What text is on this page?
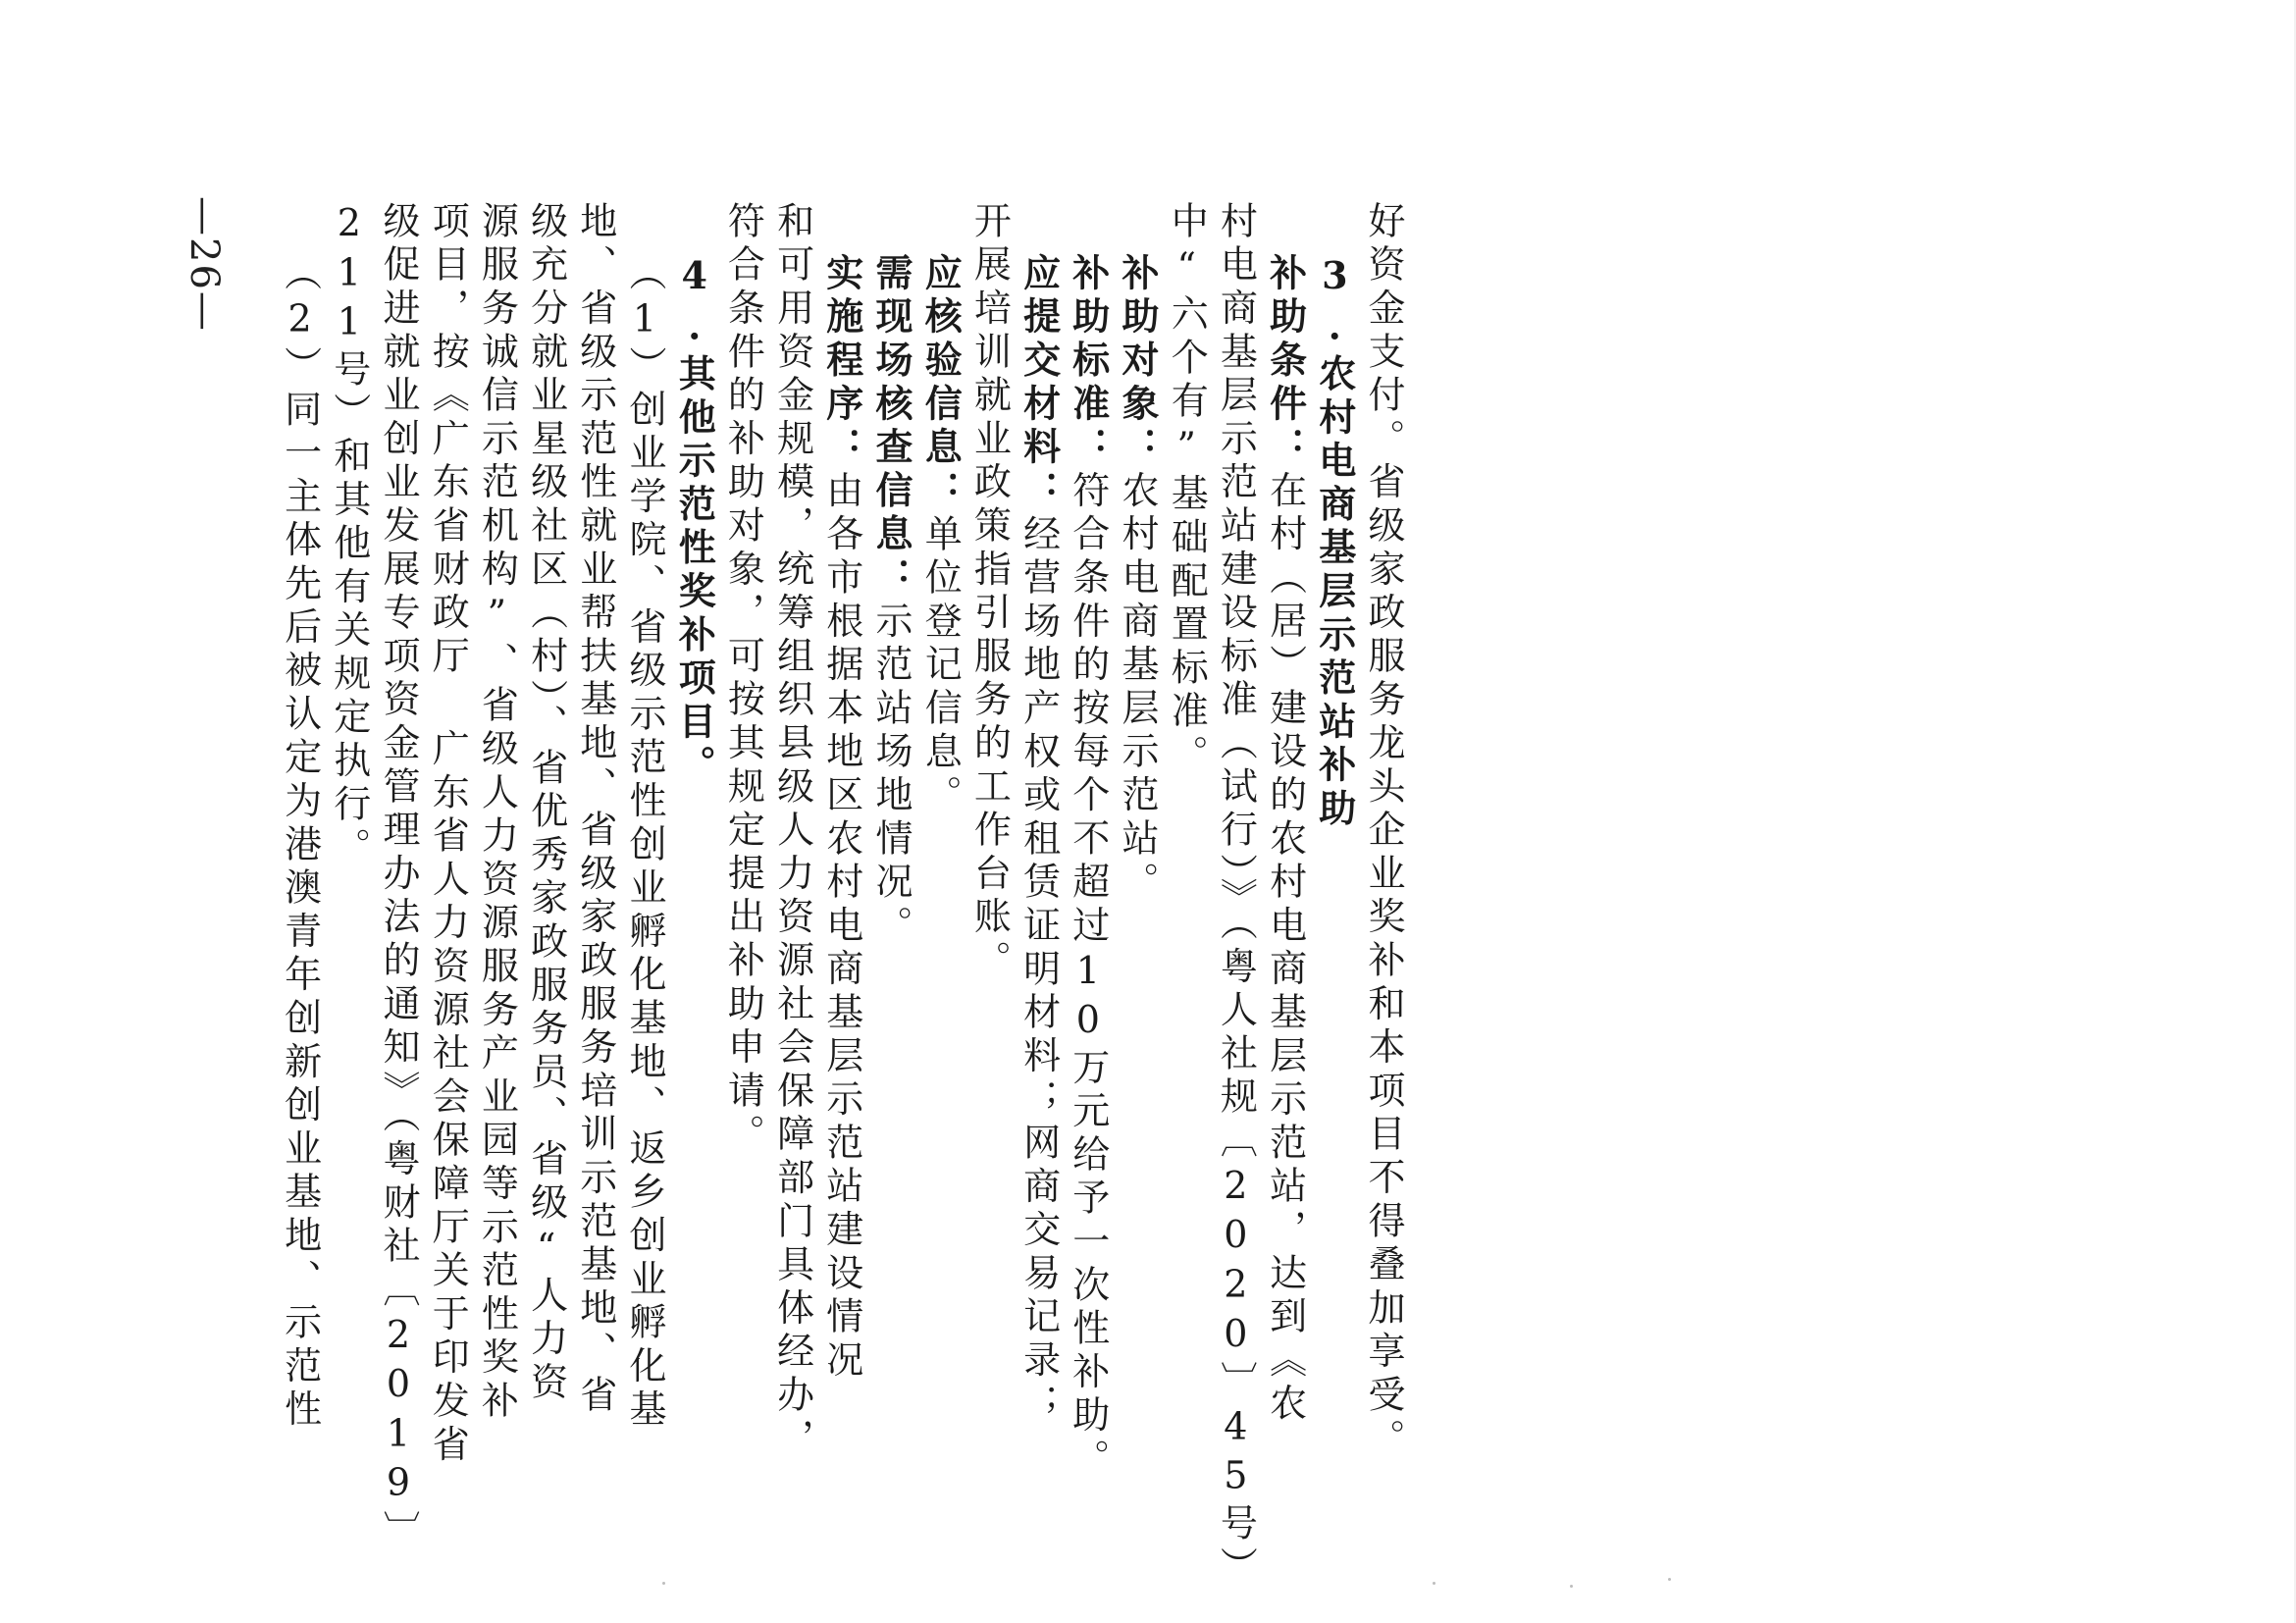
好资金支付。省级家政服务龙头企业奖补和本项目不得叠加享受。
3.农村电商基层示范站补助
补助条件：在村（居）建设的农村电商基层示范站，达到《农
村电商基层示范站建设标准（试行）》（粤人社规〔2020〕45号）
中“六个有”基础配置标准。
补助对象：农村电商基层示范站。
补助标准：符合条件的按每个不超过10万元给予一次性补助。
应提交材料：经营场地产权或租赁证明材料；网商交易记录；
开展培训就业政策指引服务的工作台账。
应核验信息：单位登记信息。
需现场核查信息：示范站场地情况。
实施程序：由各市根据本地区农村电商基层示范站建设情况
和可用资金规模，统筹组织县级人力资源社会保障部门具体经办，
符合条件的补助对象，可按其规定提出补助申请。
4.其他示范性奖补项目。
（1）创业学院、省级示范性创业孵化基地、返乡创业孵化基
地、省级示范性就业帮扶基地、省级家政服务培训示范基地、省
级充分就业星级社区（村）、省优秀家政服务员、省级“人力资
源服务诚信示范机构”、省级人力资源服务产业园等示范性奖补
项目，按《广东省财政厅 广东省人力资源社会保障厅关于印发省
级促进就业创业发展专项资金管理办法的通知》（粤财社〔2019〕
211号）和其他有关规定执行。
（2）同一主体先后被认定为港澳青年创新创业基地、示范性
—26—
